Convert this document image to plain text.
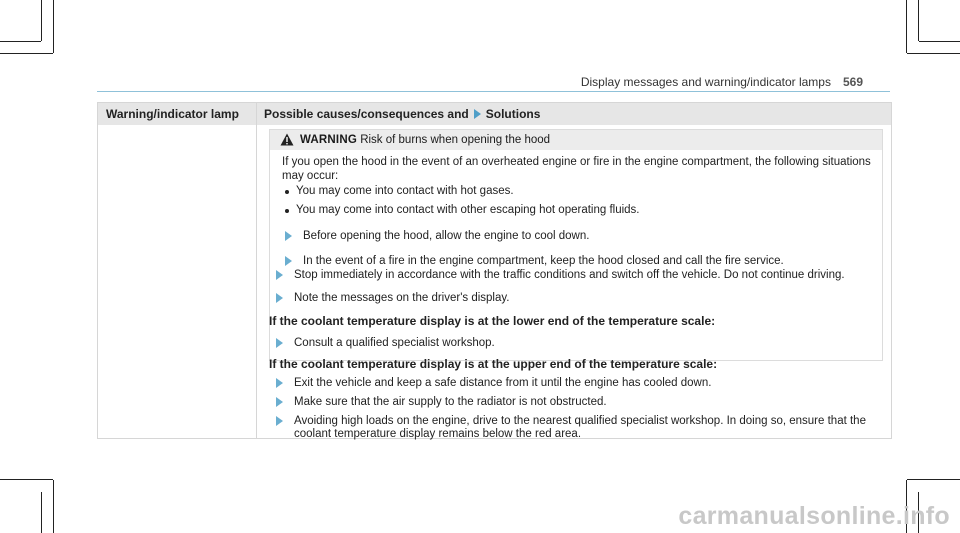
Display messages and warning/indicator lamps 569
Warning/indicator lamp Possible causes/consequences and Solutions
WARNING Risk of burns when opening the hood
If you open the hood in the event of an overheated engine or fire in the engine compartment, the following situations
may occur:
You may come into contact with hot gases.
You may come into contact with other escaping hot operating fluids.
Before opening the hood, allow the engine to cool down.
In the event of a fire in the engine compartment, keep the hood closed and call the fire service.
Stop immediately in accordance with the traffic conditions and switch off the vehicle. Do not continue driving.
Note the messages on the driver's display.
If the coolant temperature display is at the lower end of the temperature scale:
Consult a qualified specialist workshop.
If the coolant temperature display is at the upper end of the temperature scale:
Exit the vehicle and keep a safe distance from it until the engine has cooled down.
Make sure that the air supply to the radiator is not obstructed.
Avoiding high loads on the engine, drive to the nearest qualified specialist workshop. In doing so, ensure that the
coolant temperature display remains below the red area.
carmanualsonline.info
